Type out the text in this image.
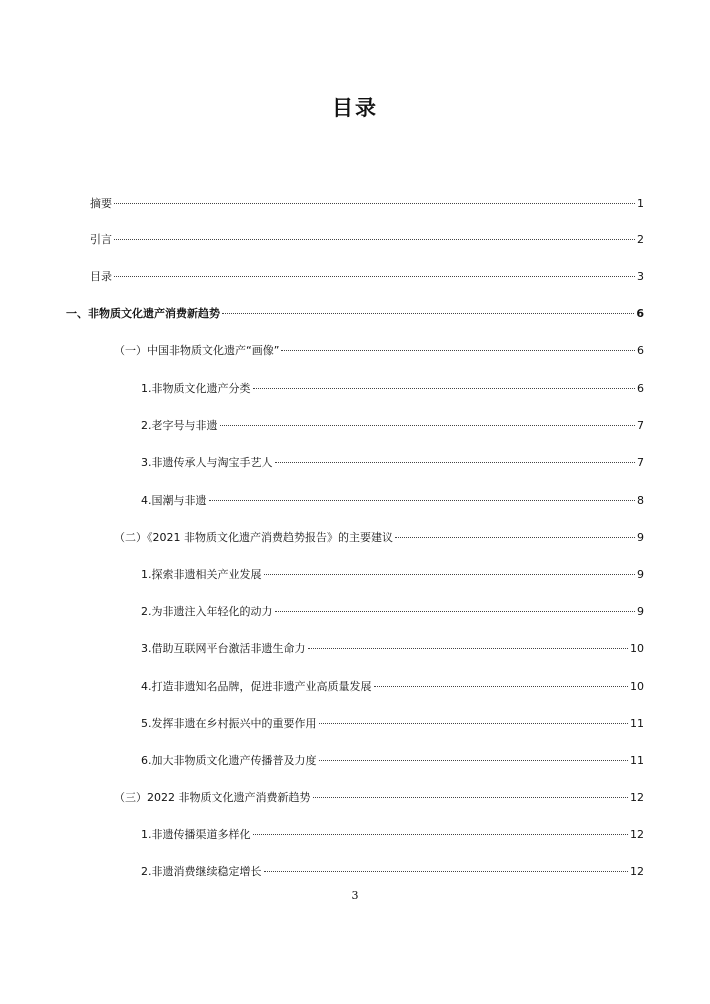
目录
摘要	1
引言	2
目录	3
一、非物质文化遗产消费新趋势	6
（一）中国非物质文化遗产“画像”	6
1.非物质文化遗产分类	6
2.老字号与非遗	7
3.非遗传承人与淘宝手艺人	7
4.国潮与非遗	8
（二）《2021 非物质文化遗产消费趋势报告》的主要建议	9
1.探索非遗相关产业发展	9
2.为非遗注入年轻化的动力	9
3.借助互联网平台激活非遗生命力	10
4.打造非遗知名品牌，促进非遗产业高质量发展	10
5.发挥非遗在乡村振兴中的重要作用	11
6.加大非物质文化遗产传播普及力度	11
（三）2022 非物质文化遗产消费新趋势	12
1.非遗传播渠道多样化	12
2.非遗消费继续稳定增长	12
3
